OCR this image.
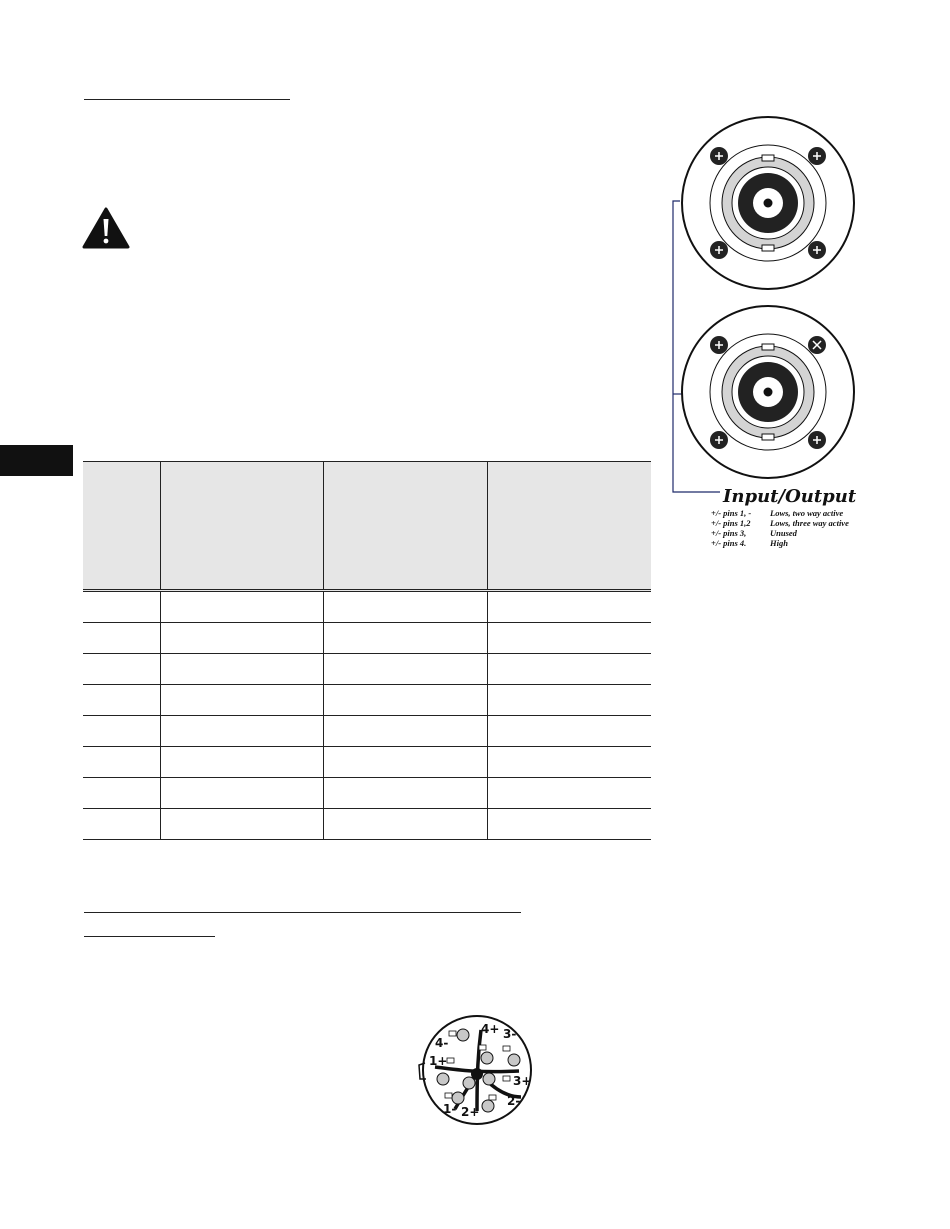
Input/Output

+/- pins 1, -	Lows, two way active
+/- pins 1,2	Lows, three way active
+/- pins 3,	Unused
+/- pins 4.	High
4-
4+ 3-
1+
3+
1- 2+
2-
